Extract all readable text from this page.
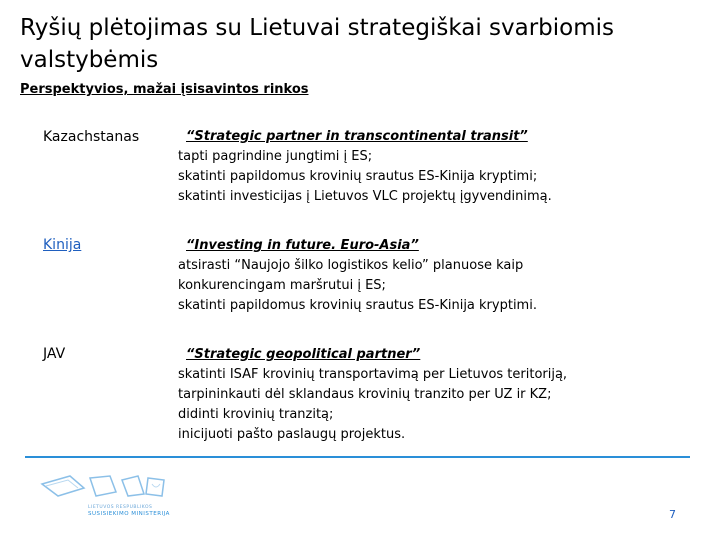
Ryšių plėtojimas su Lietuvai strategiškai svarbiomis valstybėmis
Perspektyvios, mažai įsisavintos rinkos
Kazachstanas	“Strategic partner in transcontinental transit”
tapti pagrindine jungtimi į ES;
skatinti papildomus krovinių srautus ES-Kinija kryptimi;
skatinti investicijas į Lietuvos VLC projektų įgyvendinimą.
Kinija	“Investing in future. Euro-Asia”
atsirasti “Naujojo šilko logistikos kelio” planuose kaip
konkurencingam maršrutui į ES;
skatinti papildomus krovinių srautus ES-Kinija kryptimi.
JAV	“Strategic geopolitical partner”
skatinti ISAF krovinių transportavimą per Lietuvos teritoriją,
tarpininkauti dėl sklandaus krovinių tranzito per UZ ir KZ;
didinti krovinių tranzitą;
inicijuoti pašto paslaugų projektus.
LIETUVOS RESPUBLIKOS
SUSISIEKIMO MINISTERIJA	7
